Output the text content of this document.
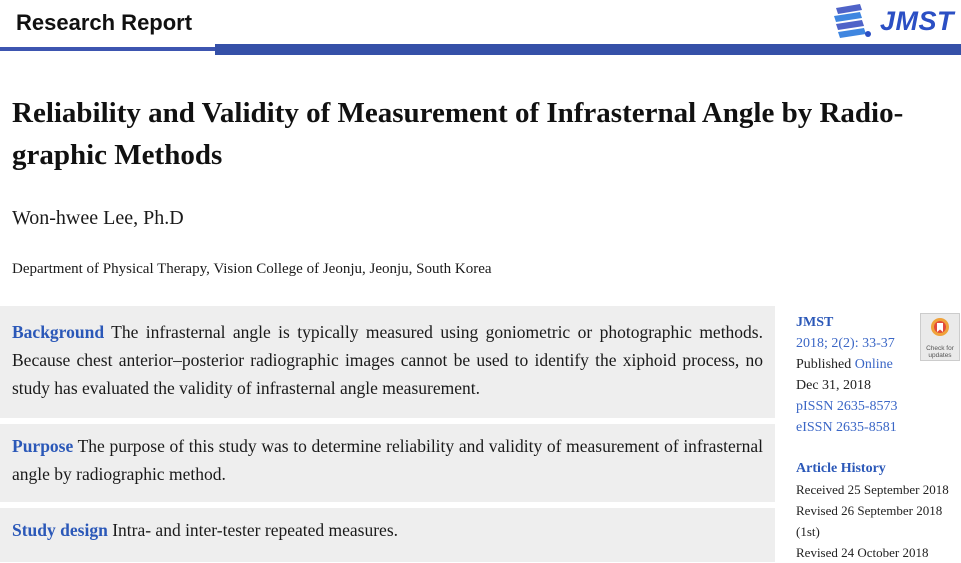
Research Report	JMST
Reliability and Validity of Measurement of Infrasternal Angle by Radio-graphic Methods
Won-hwee Lee, Ph.D
Department of Physical Therapy, Vision College of Jeonju, Jeonju, South Korea
Background The infrasternal angle is typically measured using goniometric or photographic methods. Because chest anterior–posterior radiographic images cannot be used to identify the xiphoid process, no study has evaluated the validity of infrasternal angle measurement.
Purpose The purpose of this study was to determine reliability and validity of measurement of infrasternal angle by radiographic method.
Study design Intra- and inter-tester repeated measures.
JMST
2018; 2(2): 33-37
Published Online
Dec 31, 2018
pISSN 2635-8573
eISSN 2635-8581
Article History
Received 25 September 2018
Revised 26 September 2018 (1st)
Revised 24 October 2018
Check for updates
